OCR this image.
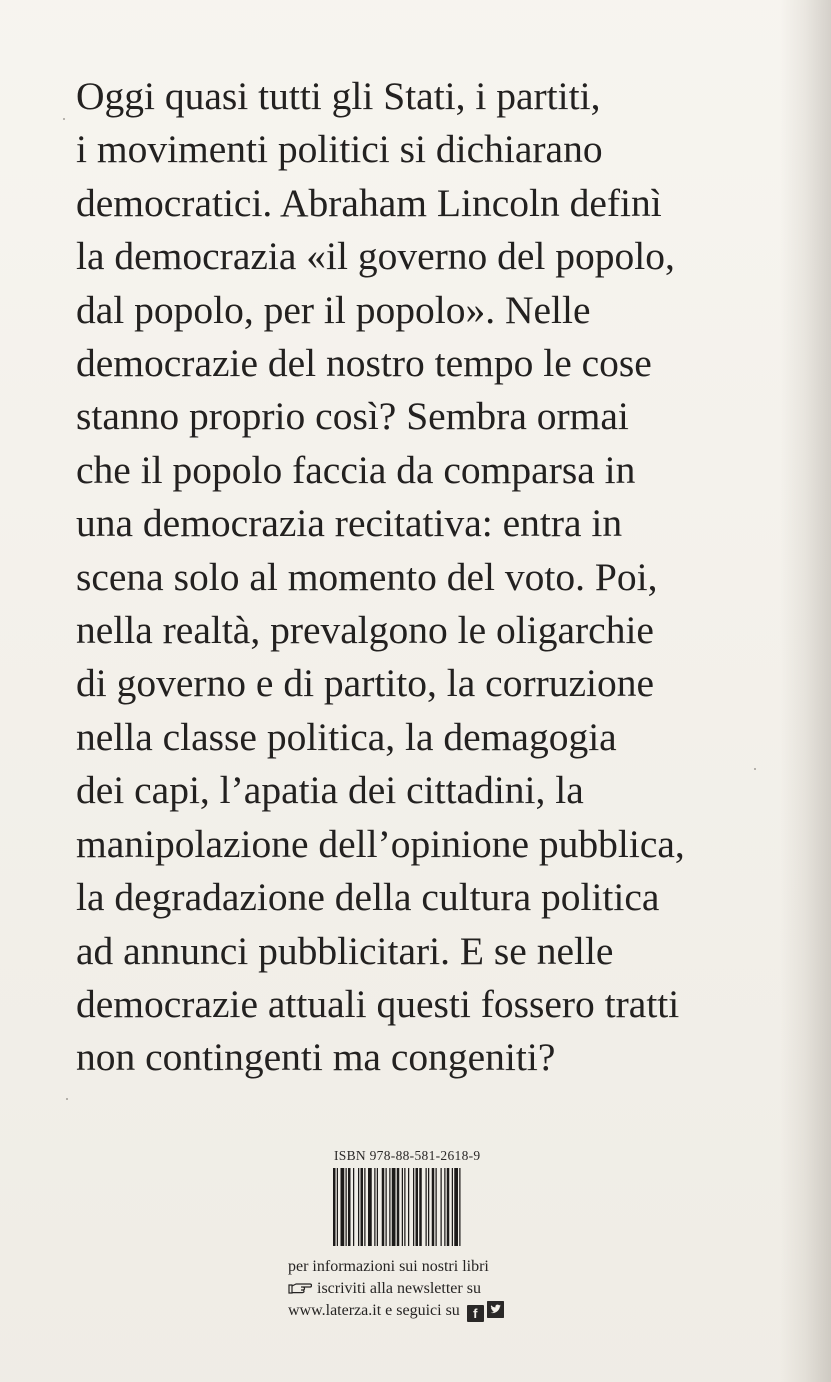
Oggi quasi tutti gli Stati, i partiti,
i movimenti politici si dichiarano
democratici. Abraham Lincoln definì
la democrazia «il governo del popolo,
dal popolo, per il popolo». Nelle
democrazie del nostro tempo le cose
stanno proprio così? Sembra ormai
che il popolo faccia da comparsa in
una democrazia recitativa: entra in
scena solo al momento del voto. Poi,
nella realtà, prevalgono le oligarchie
di governo e di partito, la corruzione
nella classe politica, la demagogia
dei capi, l’apatia dei cittadini, la
manipolazione dell’opinione pubblica,
la degradazione della cultura politica
ad annunci pubblicitari. E se nelle
democrazie attuali questi fossero tratti
non contingenti ma congeniti?

ISBN 978-88-581-2618-9
per informazioni sui nostri libri
iscriviti alla newsletter su
www.laterza.it e seguici su f
